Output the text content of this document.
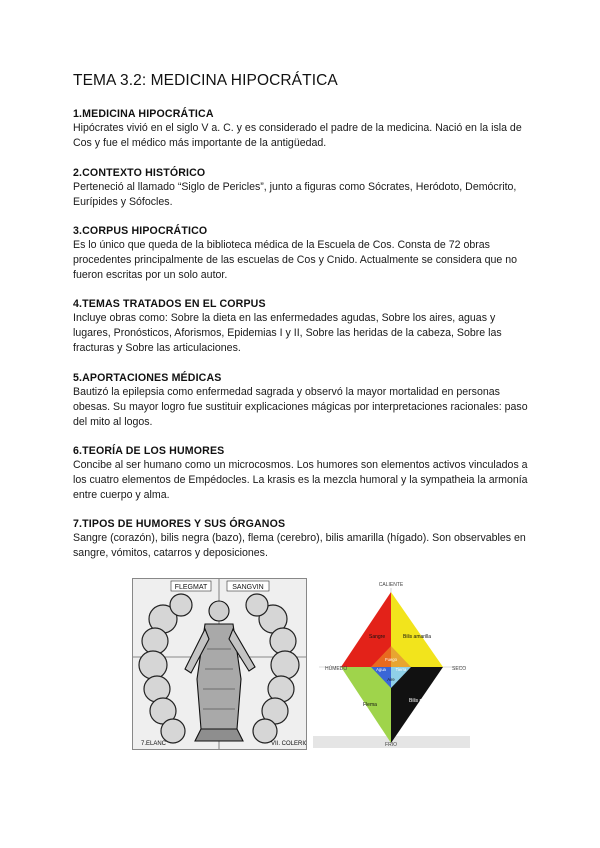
TEMA 3.2: MEDICINA HIPOCRÁTICA
1.MEDICINA HIPOCRÁTICA

Hipócrates vivió en el siglo V a. C. y es considerado el padre de la medicina. Nació en la isla de Cos y fue el médico más importante de la antigüedad.

2.CONTEXTO HISTÓRICO

Perteneció al llamado “Siglo de Pericles”, junto a figuras como Sócrates, Heródoto, Demócrito, Eurípides y Sófocles.

3.CORPUS HIPOCRÁTICO

Es lo único que queda de la biblioteca médica de la Escuela de Cos. Consta de 72 obras procedentes principalmente de las escuelas de Cos y Cnido. Actualmente se considera que no fueron escritas por un solo autor.

4.TEMAS TRATADOS EN EL CORPUS

Incluye obras como: Sobre la dieta en las enfermedades agudas, Sobre los aires, aguas y lugares, Pronósticos, Aforismos, Epidemias I y II, Sobre las heridas de la cabeza, Sobre las fracturas y Sobre las articulaciones.

5.APORTACIONES MÉDICAS

Bautizó la epilepsia como enfermedad sagrada y observó la mayor mortalidad en personas obesas. Su mayor logro fue sustituir explicaciones mágicas por interpretaciones racionales: paso del mito al logos.

6.TEORÍA DE LOS HUMORES

Concibe al ser humano como un microcosmos. Los humores son elementos activos vinculados a los cuatro elementos de Empédocles. La krasis es la mezcla humoral y la sympatheia la armonía entre cuerpo y alma.

7.TIPOS DE HUMORES Y SUS ÓRGANOS

Sangre (corazón), bilis negra (bazo), flema (cerebro), bilis amarilla (hígado). Son observables en sangre, vómitos, catarros y deposiciones.

FLEGMAT	SANGVIN
7.ELANC	VII. COLERIC
CALIENTE
FRIO
HÚMEDO	SECO
Sangre	Bilis amarilla
Flema
Bilis negra
Fuego
Agua Tierra
Aire
